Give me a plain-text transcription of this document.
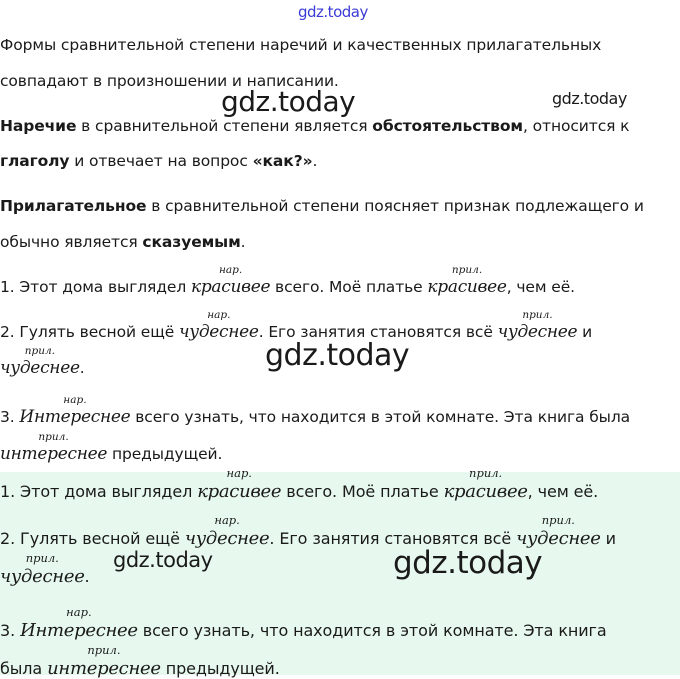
Формы сравнительной степени наречий и качественных прилагательных
совпадают в произношении и написании.
Наречие в сравнительной степени является обстоятельством, относится к
глаголу и отвечает на вопрос «как?».
Прилагательное в сравнительной степени поясняет признак подлежащего и
обычно является сказуемым.
1. Этот дома выглядел
нар.
красивее всего. Моё платье
прил.
красивее, чем её.
2. Гулять весной ещё
нар.
чудеснее. Его занятия становятся всё
прил.
чудеснее и
прил.
чудеснее.
3.
нар.
Интереснее всего узнать, что находится в этой комнате. Эта книга была
прил.
интереснее предыдущей.
1. Этот дома выглядел
нар.
красивее всего. Моё платье
прил.
красивее, чем её.
2. Гулять весной ещё
нар.
чудеснее. Его занятия становятся всё
прил.
чудеснее и
прил.
чудеснее.
3.
нар.
Интереснее всего узнать, что находится в этой комнате. Эта книга
была
прил.
интереснее предыдущей.
gdz.today
gdz.today	gdz.today
gdz.today
gdz.today	gdz.today
